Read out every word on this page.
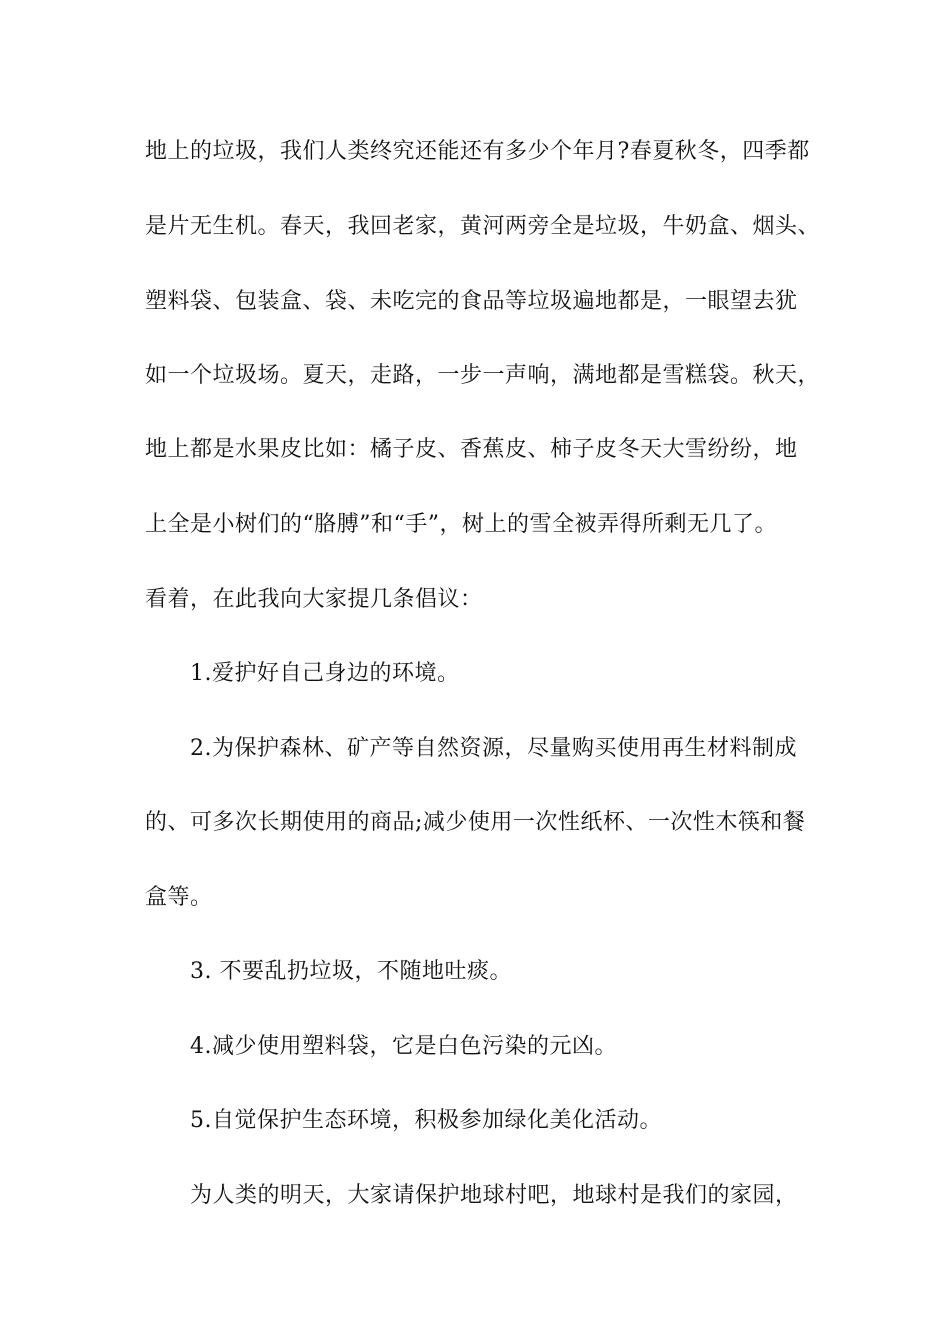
地上的垃圾，我们人类终究还能还有多少个年月?春夏秋冬，四季都
是片无生机。春天，我回老家，黄河两旁全是垃圾，牛奶盒、烟头、
塑料袋、包装盒、袋、未吃完的食品等垃圾遍地都是，一眼望去犹
如一个垃圾场。夏天，走路，一步一声响，满地都是雪糕袋。秋天，
地上都是水果皮比如：橘子皮、香蕉皮、柿子皮冬天大雪纷纷，地
上全是小树们的“胳膊”和“手”，树上的雪全被弄得所剩无几了。
看着，在此我向大家提几条倡议：
1.爱护好自己身边的环境。
2.为保护森林、矿产等自然资源，尽量购买使用再生材料制成
的、可多次长期使用的商品;减少使用一次性纸杯、一次性木筷和餐
盒等。
3. 不要乱扔垃圾，不随地吐痰。
4.减少使用塑料袋，它是白色污染的元凶。
5.自觉保护生态环境，积极参加绿化美化活动。
为人类的明天，大家请保护地球村吧，地球村是我们的家园，
